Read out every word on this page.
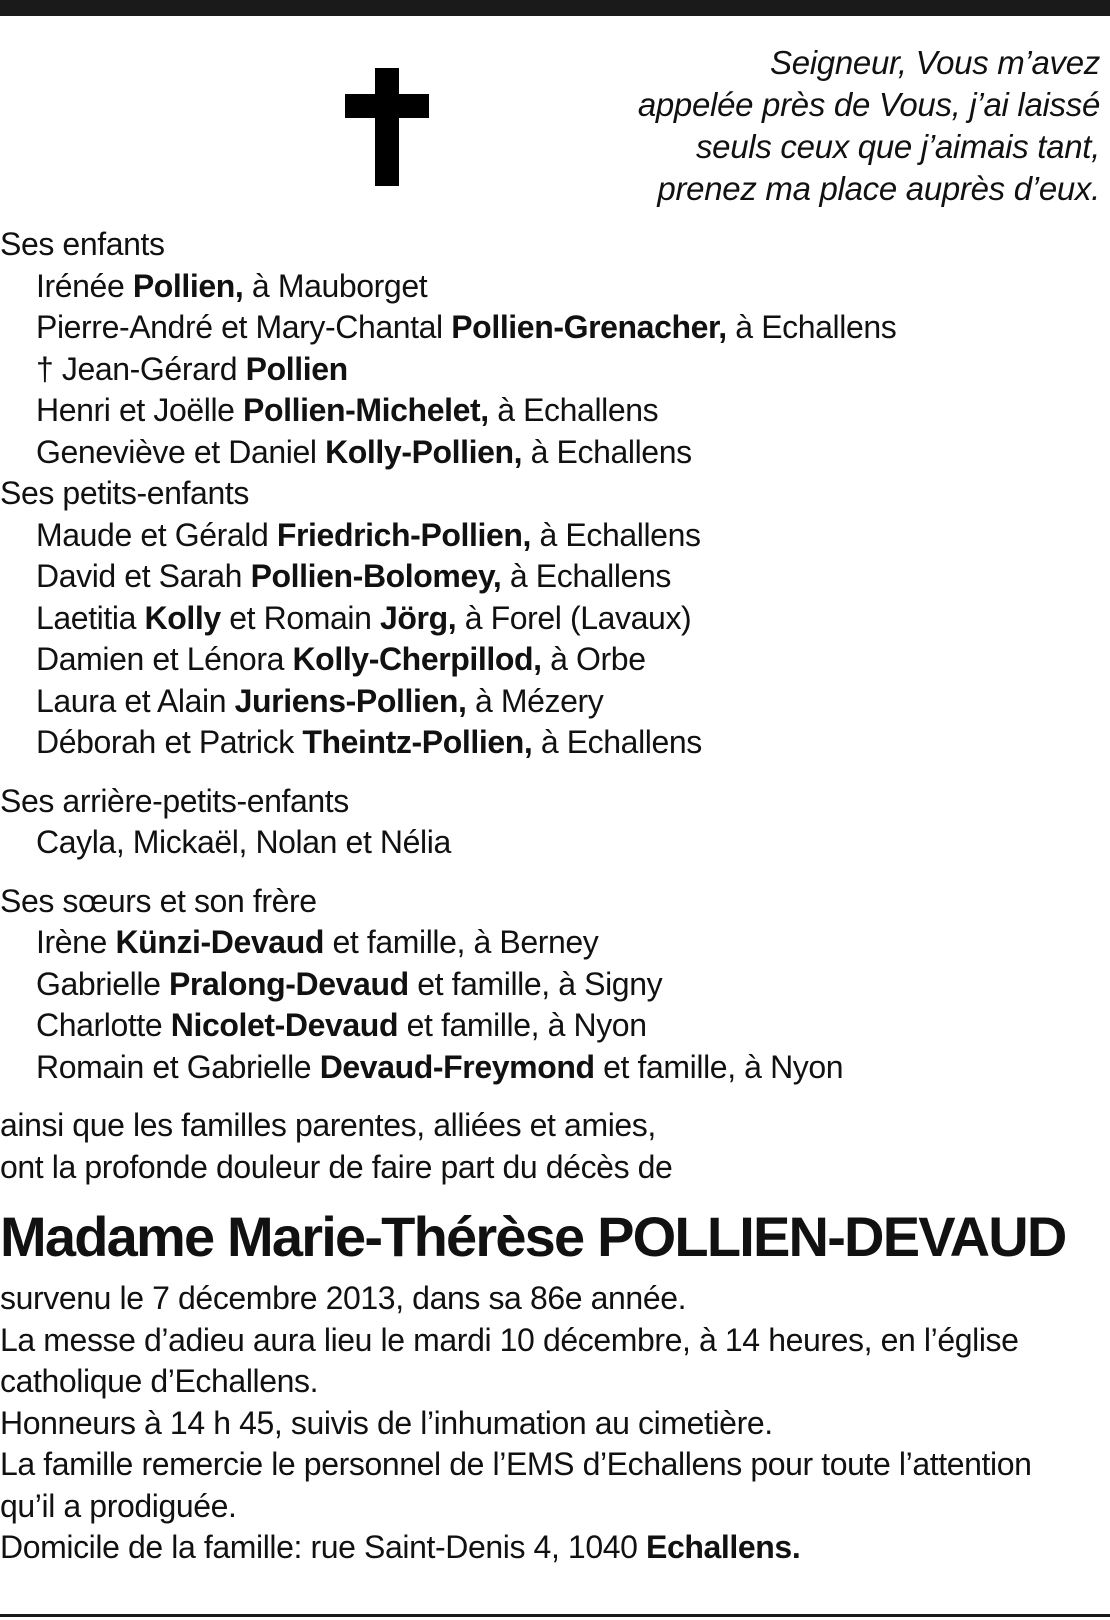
Seigneur, Vous m’avez
appelée près de Vous, j’ai laissé
seuls ceux que j’aimais tant,
prenez ma place auprès d’eux.
Ses enfants
Irénée Pollien, à Mauborget
Pierre-André et Mary-Chantal Pollien-Grenacher, à Echallens
† Jean-Gérard Pollien
Henri et Joëlle Pollien-Michelet, à Echallens
Geneviève et Daniel Kolly-Pollien, à Echallens
Ses petits-enfants
Maude et Gérald Friedrich-Pollien, à Echallens
David et Sarah Pollien-Bolomey, à Echallens
Laetitia Kolly et Romain Jörg, à Forel (Lavaux)
Damien et Lénora Kolly-Cherpillod, à Orbe
Laura et Alain Juriens-Pollien, à Mézery
Déborah et Patrick Theintz-Pollien, à Echallens
Ses arrière-petits-enfants
Cayla, Mickaël, Nolan et Nélia
Ses sœurs et son frère
Irène Künzi-Devaud et famille, à Berney
Gabrielle Pralong-Devaud et famille, à Signy
Charlotte Nicolet-Devaud et famille, à Nyon
Romain et Gabrielle Devaud-Freymond et famille, à Nyon
ainsi que les familles parentes, alliées et amies,
ont la profonde douleur de faire part du décès de
Madame Marie-Thérèse POLLIEN-DEVAUD
survenu le 7 décembre 2013, dans sa 86e année.
La messe d’adieu aura lieu le mardi 10 décembre, à 14 heures, en l’église
catholique d’Echallens.
Honneurs à 14 h 45, suivis de l’inhumation au cimetière.
La famille remercie le personnel de l’EMS d’Echallens pour toute l’attention
qu’il a prodiguée.
Domicile de la famille: rue Saint-Denis 4, 1040 Echallens.
